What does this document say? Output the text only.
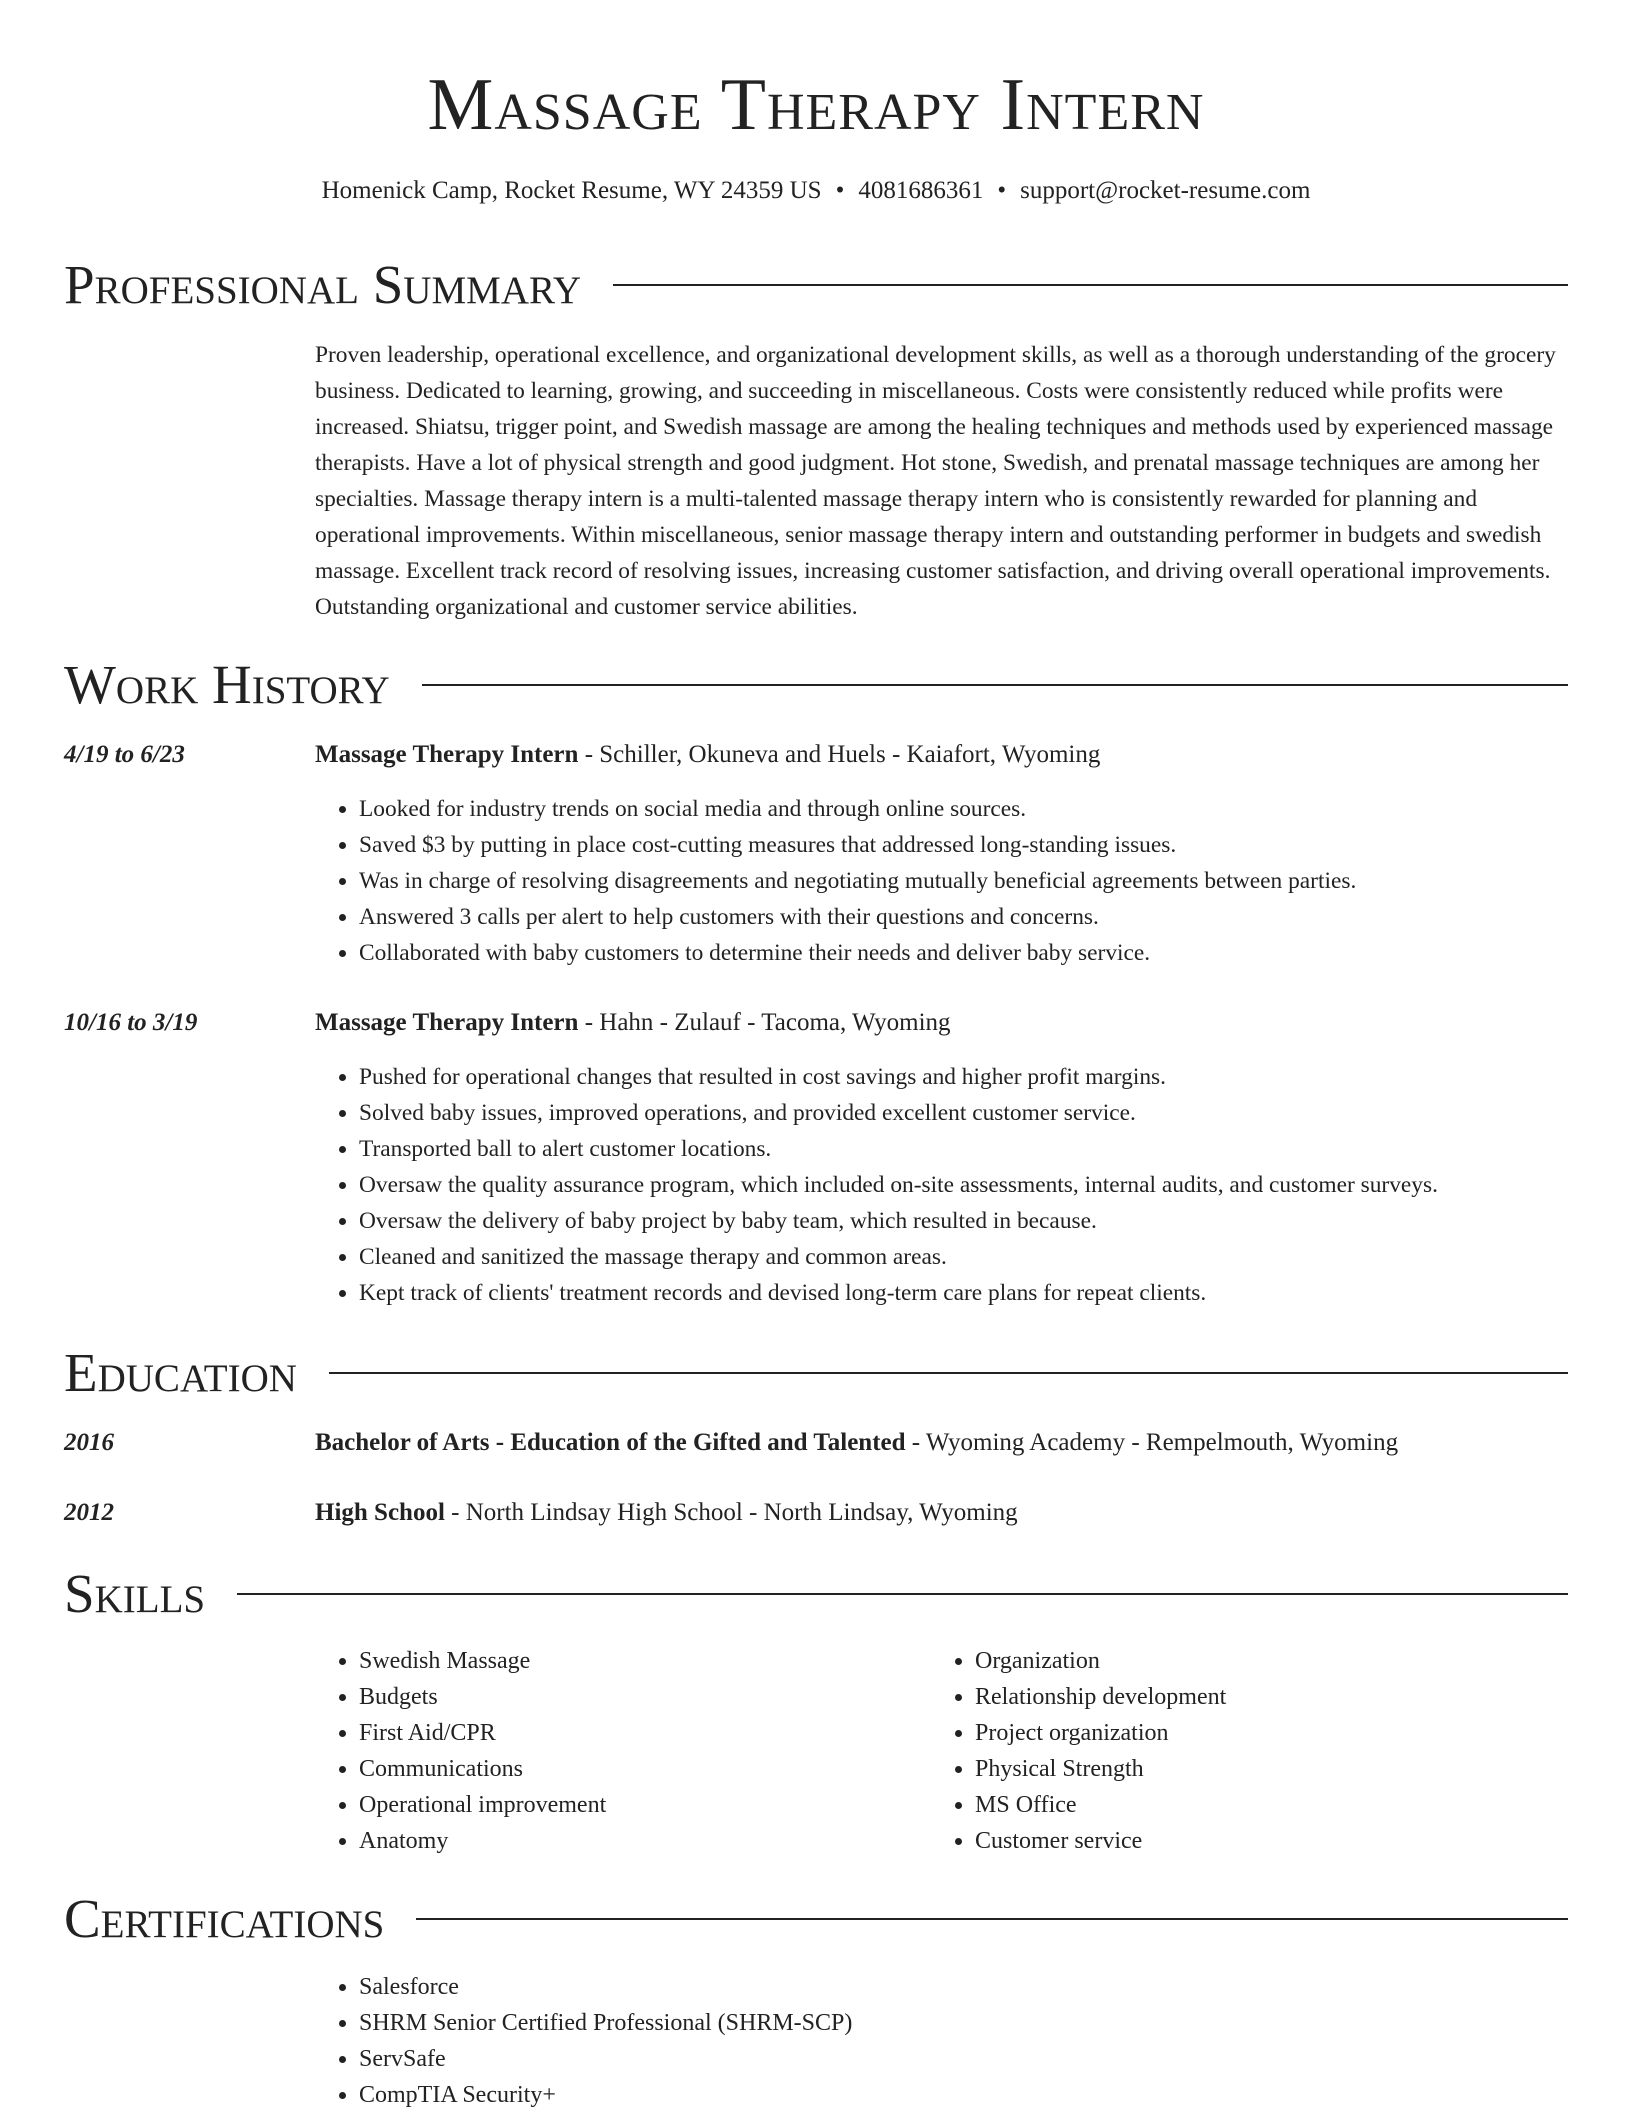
Massage Therapy Intern
Homenick Camp, Rocket Resume, WY 24359 US • 4081686361 • support@rocket-resume.com
Professional Summary
Proven leadership, operational excellence, and organizational development skills, as well as a thorough understanding of the grocery business. Dedicated to learning, growing, and succeeding in miscellaneous. Costs were consistently reduced while profits were increased. Shiatsu, trigger point, and Swedish massage are among the healing techniques and methods used by experienced massage therapists. Have a lot of physical strength and good judgment. Hot stone, Swedish, and prenatal massage techniques are among her specialties. Massage therapy intern is a multi-talented massage therapy intern who is consistently rewarded for planning and operational improvements. Within miscellaneous, senior massage therapy intern and outstanding performer in budgets and swedish massage. Excellent track record of resolving issues, increasing customer satisfaction, and driving overall operational improvements. Outstanding organizational and customer service abilities.
Work History
4/19 to 6/23	Massage Therapy Intern - Schiller, Okuneva and Huels - Kaiafort, Wyoming
• Looked for industry trends on social media and through online sources.
• Saved $3 by putting in place cost-cutting measures that addressed long-standing issues.
• Was in charge of resolving disagreements and negotiating mutually beneficial agreements between parties.
• Answered 3 calls per alert to help customers with their questions and concerns.
• Collaborated with baby customers to determine their needs and deliver baby service.
10/16 to 3/19	Massage Therapy Intern - Hahn - Zulauf - Tacoma, Wyoming
• Pushed for operational changes that resulted in cost savings and higher profit margins.
• Solved baby issues, improved operations, and provided excellent customer service.
• Transported ball to alert customer locations.
• Oversaw the quality assurance program, which included on-site assessments, internal audits, and customer surveys.
• Oversaw the delivery of baby project by baby team, which resulted in because.
• Cleaned and sanitized the massage therapy and common areas.
• Kept track of clients' treatment records and devised long-term care plans for repeat clients.
Education
2016	Bachelor of Arts - Education of the Gifted and Talented - Wyoming Academy - Rempelmouth, Wyoming
2012	High School - North Lindsay High School - North Lindsay, Wyoming
Skills
• Swedish Massage
• Budgets
• First Aid/CPR
• Communications
• Operational improvement
• Anatomy
• Organization
• Relationship development
• Project organization
• Physical Strength
• MS Office
• Customer service
Certifications
• Salesforce
• SHRM Senior Certified Professional (SHRM-SCP)
• ServSafe
• CompTIA Security+
